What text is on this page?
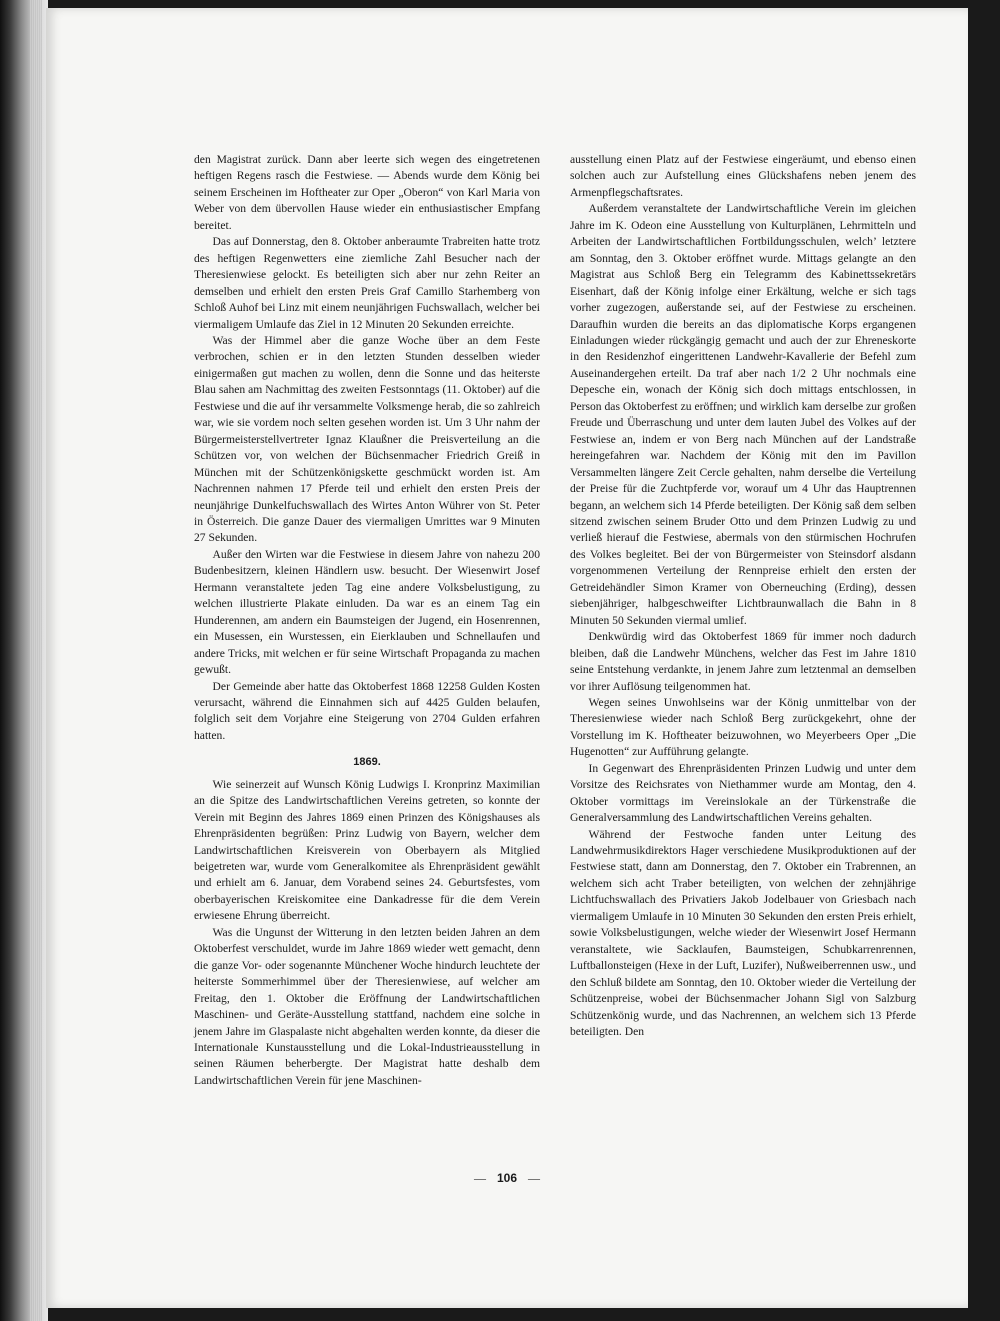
den Magistrat zurück. Dann aber leerte sich wegen des eingetretenen heftigen Regens rasch die Festwiese. — Abends wurde dem König bei seinem Erscheinen im Hoftheater zur Oper „Oberon“ von Karl Maria von Weber von dem übervollen Hause wieder ein enthusiastischer Empfang bereitet.

Das auf Donnerstag, den 8. Oktober anberaumte Trabreiten hatte trotz des heftigen Regenwetters eine ziemliche Zahl Besucher nach der Theresienwiese gelockt. Es beteiligten sich aber nur zehn Reiter an demselben und erhielt den ersten Preis Graf Camillo Starhemberg von Schloß Auhof bei Linz mit einem neunjährigen Fuchswallach, welcher bei viermaligem Umlaufe das Ziel in 12 Minuten 20 Sekunden erreichte.

Was der Himmel aber die ganze Woche über an dem Feste verbrochen, schien er in den letzten Stunden desselben wieder einigermaßen gut machen zu wollen, denn die Sonne und das heiterste Blau sahen am Nachmittag des zweiten Festsonntags (11. Oktober) auf die Festwiese und die auf ihr versammelte Volksmenge herab, die so zahlreich war, wie sie vordem noch selten gesehen worden ist. Um 3 Uhr nahm der Bürgermeisterstellvertreter Ignaz Klaußner die Preisverteilung an die Schützen vor, von welchen der Büchsenmacher Friedrich Greiß in München mit der Schützenkönigskette geschmückt worden ist. Am Nachrennen nahmen 17 Pferde teil und erhielt den ersten Preis der neunjährige Dunkelfuchswallach des Wirtes Anton Wührer von St. Peter in Österreich. Die ganze Dauer des viermaligen Umrittes war 9 Minuten 27 Sekunden.

Außer den Wirten war die Festwiese in diesem Jahre von nahezu 200 Budenbesitzern, kleinen Händlern usw. besucht. Der Wiesenwirt Josef Hermann veranstaltete jeden Tag eine andere Volksbelustigung, zu welchen illustrierte Plakate einluden. Da war es an einem Tag ein Hunderennen, am andern ein Baumsteigen der Jugend, ein Hosenrennen, ein Musessen, ein Wurstessen, ein Eierklauben und Schnellaufen und andere Tricks, mit welchen er für seine Wirtschaft Propaganda zu machen gewußt.

Der Gemeinde aber hatte das Oktoberfest 1868 12258 Gulden Kosten verursacht, während die Einnahmen sich auf 4425 Gulden belaufen, folglich seit dem Vorjahre eine Steigerung von 2704 Gulden erfahren hatten.

1869.

Wie seinerzeit auf Wunsch König Ludwigs I. Kronprinz Maximilian an die Spitze des Landwirtschaftlichen Vereins getreten, so konnte der Verein mit Beginn des Jahres 1869 einen Prinzen des Königshauses als Ehrenpräsidenten begrüßen: Prinz Ludwig von Bayern, welcher dem Landwirtschaftlichen Kreisverein von Oberbayern als Mitglied beigetreten war, wurde vom Generalkomitee als Ehrenpräsident gewählt und erhielt am 6. Januar, dem Vorabend seines 24. Geburtsfestes, vom oberbayerischen Kreiskomitee eine Dankadresse für die dem Verein erwiesene Ehrung überreicht.

Was die Ungunst der Witterung in den letzten beiden Jahren an dem Oktoberfest verschuldet, wurde im Jahre 1869 wieder wett gemacht, denn die ganze Vor- oder sogenannte Münchener Woche hindurch leuchtete der heiterste Sommerhimmel über der Theresienwiese, auf welcher am Freitag, den 1. Oktober die Eröffnung der Landwirtschaftlichen Maschinen- und Geräte-Ausstellung stattfand, nachdem eine solche in jenem Jahre im Glaspalaste nicht abgehalten werden konnte, da dieser die Internationale Kunstausstellung und die Lokal-Industrieausstellung in seinen Räumen beherbergte. Der Magistrat hatte deshalb dem Landwirtschaftlichen Verein für jene Maschinen-

ausstellung einen Platz auf der Festwiese eingeräumt, und ebenso einen solchen auch zur Aufstellung eines Glückshafens neben jenem des Armenpflegschaftsrates.

Außerdem veranstaltete der Landwirtschaftliche Verein im gleichen Jahre im K. Odeon eine Ausstellung von Kulturplänen, Lehrmitteln und Arbeiten der Landwirtschaftlichen Fortbildungsschulen, welch’ letztere am Sonntag, den 3. Oktober eröffnet wurde. Mittags gelangte an den Magistrat aus Schloß Berg ein Telegramm des Kabinettssekretärs Eisenhart, daß der König infolge einer Erkältung, welche er sich tags vorher zugezogen, außerstande sei, auf der Festwiese zu erscheinen. Daraufhin wurden die bereits an das diplomatische Korps ergangenen Einladungen wieder rückgängig gemacht und auch der zur Ehreneskorte in den Residenzhof eingerittenen Landwehr-Kavallerie der Befehl zum Auseinandergehen erteilt. Da traf aber nach 1/2 2 Uhr nochmals eine Depesche ein, wonach der König sich doch mittags entschlossen, in Person das Oktoberfest zu eröffnen; und wirklich kam derselbe zur großen Freude und Überraschung und unter dem lauten Jubel des Volkes auf der Festwiese an, indem er von Berg nach München auf der Landstraße hereingefahren war. Nachdem der König mit den im Pavillon Versammelten längere Zeit Cercle gehalten, nahm derselbe die Verteilung der Preise für die Zuchtpferde vor, worauf um 4 Uhr das Hauptrennen begann, an welchem sich 14 Pferde beteiligten. Der König saß dem selben sitzend zwischen seinem Bruder Otto und dem Prinzen Ludwig zu und verließ hierauf die Festwiese, abermals von den stürmischen Hochrufen des Volkes begleitet. Bei der von Bürgermeister von Steinsdorf alsdann vorgenommenen Verteilung der Rennpreise erhielt den ersten der Getreidehändler Simon Kramer von Oberneuching (Erding), dessen siebenjähriger, halbgeschweifter Lichtbraunwallach die Bahn in 8 Minuten 50 Sekunden viermal umlief.

Denkwürdig wird das Oktoberfest 1869 für immer noch dadurch bleiben, daß die Landwehr Münchens, welcher das Fest im Jahre 1810 seine Entstehung verdankte, in jenem Jahre zum letztenmal an demselben vor ihrer Auflösung teilgenommen hat.

Wegen seines Unwohlseins war der König unmittelbar von der Theresienwiese wieder nach Schloß Berg zurückgekehrt, ohne der Vorstellung im K. Hoftheater beizuwohnen, wo Meyerbeers Oper „Die Hugenotten“ zur Aufführung gelangte.

In Gegenwart des Ehrenpräsidenten Prinzen Ludwig und unter dem Vorsitze des Reichsrates von Niethammer wurde am Montag, den 4. Oktober vormittags im Vereinslokale an der Türkenstraße die Generalversammlung des Landwirtschaftlichen Vereins gehalten.

Während der Festwoche fanden unter Leitung des Landwehrmusikdirektors Hager verschiedene Musikproduktionen auf der Festwiese statt, dann am Donnerstag, den 7. Oktober ein Trabrennen, an welchem sich acht Traber beteiligten, von welchen der zehnjährige Lichtfuchswallach des Privatiers Jakob Jodelbauer von Griesbach nach viermaligem Umlaufe in 10 Minuten 30 Sekunden den ersten Preis erhielt, sowie Volksbelustigungen, welche wieder der Wiesenwirt Josef Hermann veranstaltete, wie Sacklaufen, Baumsteigen, Schubkarrenrennen, Luftballonsteigen (Hexe in der Luft, Luzifer), Nußweiberrennen usw., und den Schluß bildete am Sonntag, den 10. Oktober wieder die Verteilung der Schützenpreise, wobei der Büchsenmacher Johann Sigl von Salzburg Schützenkönig wurde, und das Nachrennen, an welchem sich 13 Pferde beteiligten. Den

— 106 —
